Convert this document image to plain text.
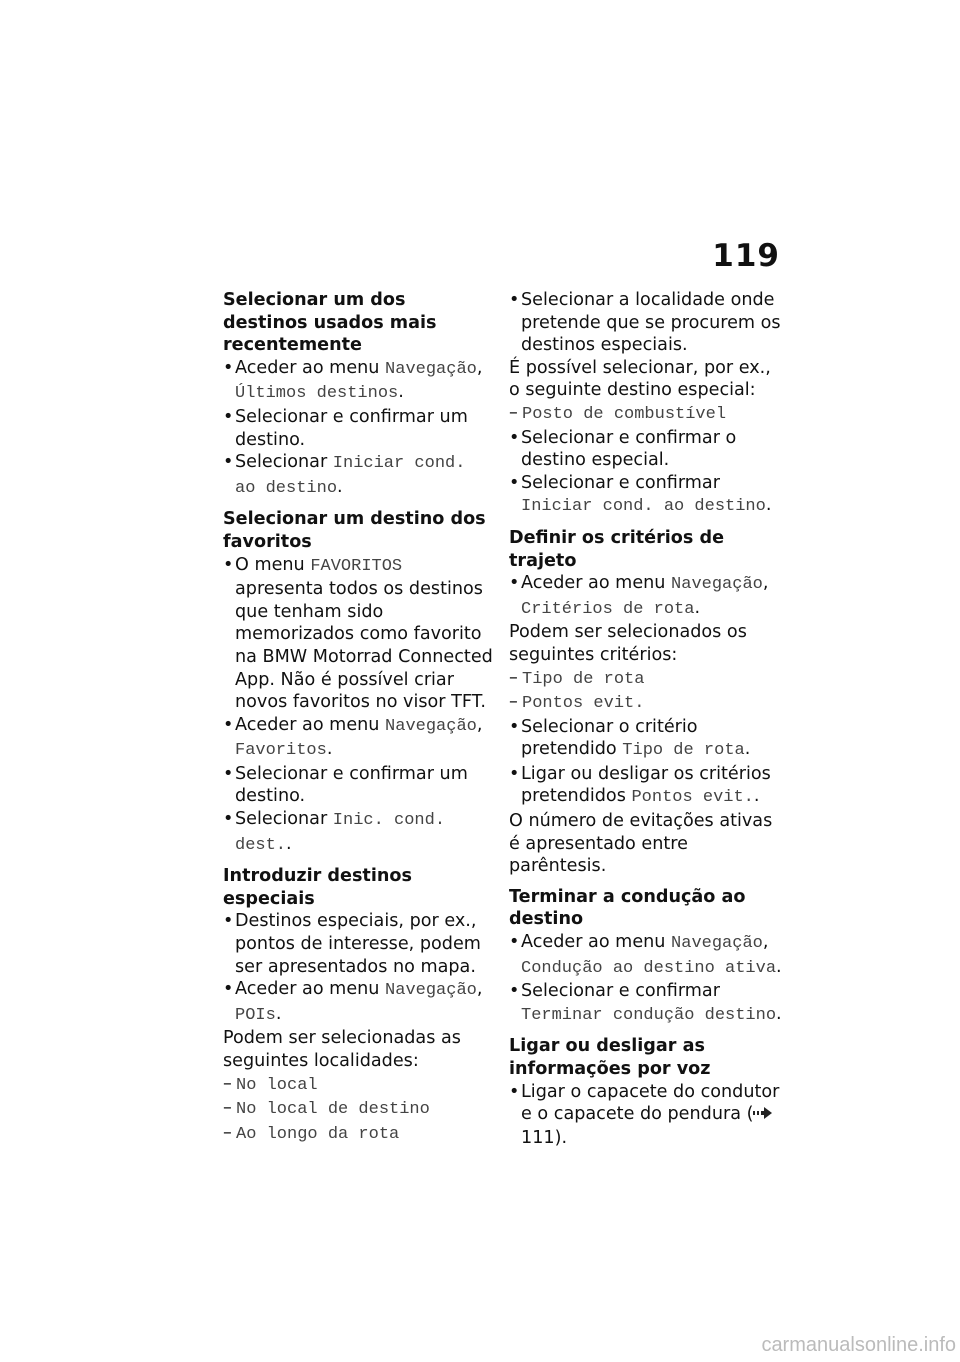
119
Selecionar um dos destinos usados mais recentemente
• Aceder ao menu Navegação, Últimos destinos.
• Selecionar e confirmar um destino.
• Selecionar Iniciar cond. ao destino.
Selecionar um destino dos favoritos
• O menu FAVORITOS apresenta todos os destinos que tenham sido memorizados como favorito na BMW Motorrad Connected App. Não é possível criar novos favoritos no visor TFT.
• Aceder ao menu Navegação, Favoritos.
• Selecionar e confirmar um destino.
• Selecionar Inic. cond. dest..
Introduzir destinos especiais
• Destinos especiais, por ex., pontos de interesse, podem ser apresentados no mapa.
• Aceder ao menu Navegação, POIs.

Podem ser selecionadas as seguintes localidades:

– No local
– No local de destino
– Ao longo da rota
• Selecionar a localidade onde pretende que se procurem os destinos especiais.

É possível selecionar, por ex., o seguinte destino especial:

– Posto de combustível
• Selecionar e confirmar o destino especial.
• Selecionar e confirmar Iniciar cond. ao destino.
Definir os critérios de trajeto
• Aceder ao menu Navegação, Critérios de rota.

Podem ser selecionados os seguintes critérios:

– Tipo de rota
– Pontos evit.
• Selecionar o critério pretendido Tipo de rota.
• Ligar ou desligar os critérios pretendidos Pontos evit..

O número de evitações ativas é apresentado entre parêntesis.

Terminar a condução ao destino
• Aceder ao menu Navegação, Condução ao destino ativa.
• Selecionar e confirmar Terminar condução destino.
Ligar ou desligar as informações por voz
• Ligar o capacete do condutor e o capacete do pendura ( 111).
carmanualsonline.info
